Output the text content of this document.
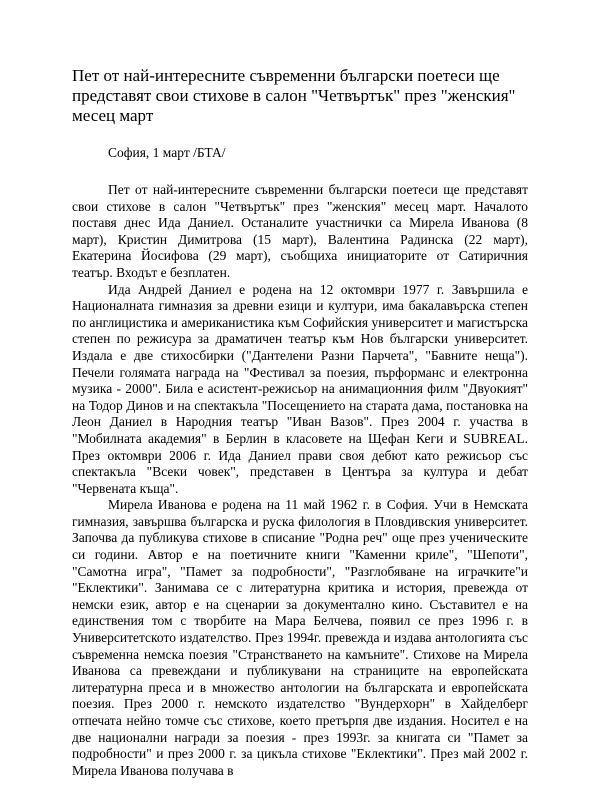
Пет от най-интересните съвременни български поетеси ще представят свои стихове в салон "Четвъртък" през "женския" месец март

София, 1 март /БТА/

Пет от най-интересните съвременни български поетеси ще представят свои стихове в салон "Четвъртък" през "женския" месец март. Началото поставя днес Ида Даниел. Останалите участнички са Мирела Иванова (8 март), Кристин Димитрова (15 март), Валентина Радинска (22 март), Екатерина Йосифова (29 март), съобщиха инициаторите от Сатиричния театър. Входът е безплатен.

Ида Андрей Даниел е родена на 12 октомври 1977 г. Завършила е Националната гимназия за древни езици и култури, има бакалавърска степен по англицистика и американистика към Софийския университет и магистърска степен по режисура за драматичен театър към Нов български университет. Издала е две стихосбирки ("Дантелени Разни Парчета", "Бавните неща"). Печели голямата награда на "Фестивал за поезия, пърформанс и електронна музика - 2000". Била е асистент-режисьор на анимационния филм "Двуокият" на Тодор Динов и на спектакъла "Посещението на старата дама, постановка на Леон Даниел в Народния театър "Иван Вазов". През 2004 г. участва в "Мобилната академия" в Берлин в класовете на Щефан Кеги и SUBREAL. През октомври 2006 г. Ида Даниел прави своя дебют като режисьор със спектакъла "Всеки човек", представен в Центъра за култура и дебат "Червената къща".

Мирела Иванова е родена на 11 май 1962 г. в София. Учи в Немската гимназия, завършва българска и руска филология в Пловдивския университет. Започва да публикува стихове в списание "Родна реч" още през ученическите си години. Автор е на поетичните книги "Каменни криле", "Шепоти", "Самотна игра", "Памет за подробности", "Разглобяване на играчките"и "Еклектики". Занимава се с литературна критика и история, превежда от немски език, автор е на сценарии за документално кино. Съставител е на единствения том с творбите на Мара Белчева, появил се през 1996 г. в Университетското издателство. През 1994г. превежда и издава антологията със съвременна немска поезия "Странстването на камъните". Стихове на Мирела Иванова са превеждани и публикувани на страниците на европейската литературна преса и в множество антологии на българската и европейската поезия. През 2000 г. немското издателство "Вундерхорн" в Хайделберг отпечата нейно томче със стихове, което претърпя две издания. Носител е на две национални награди за поезия - през 1993г. за книгата си "Памет за подробности" и през 2000 г. за цикъла стихове "Еклектики". През май 2002 г. Мирела Иванова получава в
